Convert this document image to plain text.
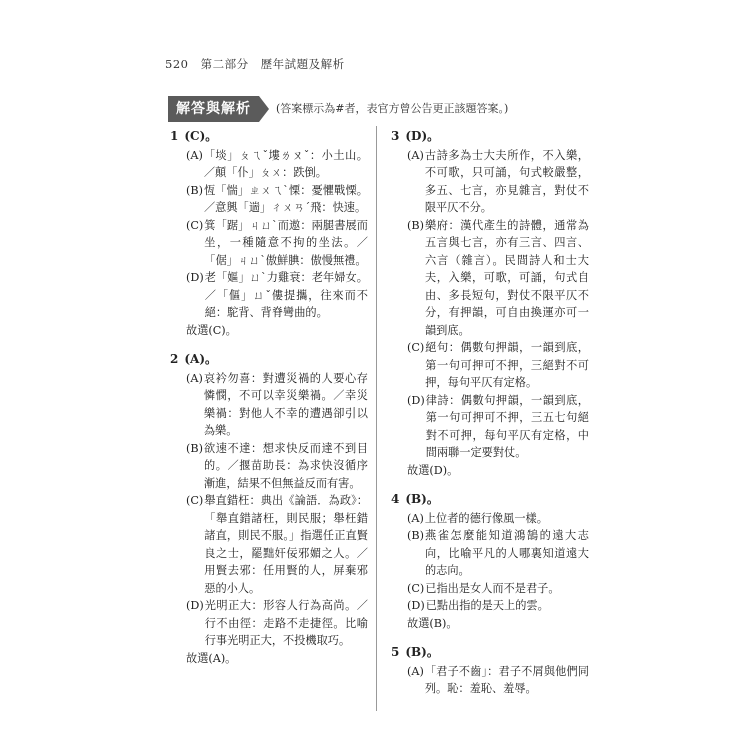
520 第二部分　歷年試題及解析
解答與解析	(答案標示為#者，表官方曾公告更正該題答案。)
1 (C)。
(A) 「埮」ㄆㄟˇ塿ㄌㄡˇ：小土山。／顛「仆」ㄆㄨ：跌倒。
(B) 恆「惴」ㄓㄨㄟˋ慄：憂懼戰慄。／意興「遄」ㄔㄨㄢˊ飛：快速。
(C) 箕「踞」ㄐㄩˋ而遨：兩腿書展而坐，一種隨意不拘的坐法。／「倨」ㄐㄩˋ傲鮮腆：傲慢無禮。
(D) 老「嫗」ㄩˋ力雞衰：老年婦女。／「傴」ㄩˇ僂提攜，往來而不絕：駝背、背脊彎曲的。
故選(C)。
2 (A)。
(A) 哀衿勿喜：對遭災禍的人要心存憐憫，不可以幸災樂禍。／幸災樂禍：對他人不幸的遭遇卻引以為樂。
(B) 欲速不達：想求快反而達不到目的。／揠苗助長：為求快沒循序漸進，結果不但無益反而有害。
(C) 舉直錯枉：典出《論語．為政》：「舉直錯諸枉，則民服；舉枉錯諸直，則民不服。」指選任正直賢良之士，罷黜奸佞邪媚之人。／用賢去邪：任用賢的人，屏棄邪惡的小人。
(D) 光明正大：形容人行為高尚。／行不由徑：走路不走捷徑。比喻行事光明正大，不投機取巧。
故選(A)。
3 (D)。
(A) 古詩多為士大夫所作，不入樂，不可歌，只可誦，句式較嚴整，多五、七言，亦見雜言，對仗不限平仄不分。
(B) 樂府：漢代產生的詩體，通常為五言與七言，亦有三言、四言、六言（雜言）。民間詩人和士大夫，入樂，可歌，可誦，句式自由、多長短句，對仗不限平仄不分，有押韻，可自由換運亦可一韻到底。
(C) 絕句：偶數句押韻，一韻到底，第一句可押可不押，三絕對不可押，每句平仄有定格。
(D) 律詩：偶數句押韻，一韻到底，第一句可押可不押，三五七句絕對不可押，每句平仄有定格，中間兩聯一定要對仗。
故選(D)。
4 (B)。
(A) 上位者的德行像風一樣。
(B) 燕雀怎麼能知道鴻鵠的遠大志向，比喻平凡的人哪裏知道遠大的志向。
(C) 已指出是女人而不是君子。
(D) 已點出指的是天上的雲。
故選(B)。
5 (B)。
(A) 「君子不齒」：君子不屑與他們同列。恥：羞恥、羞辱。
